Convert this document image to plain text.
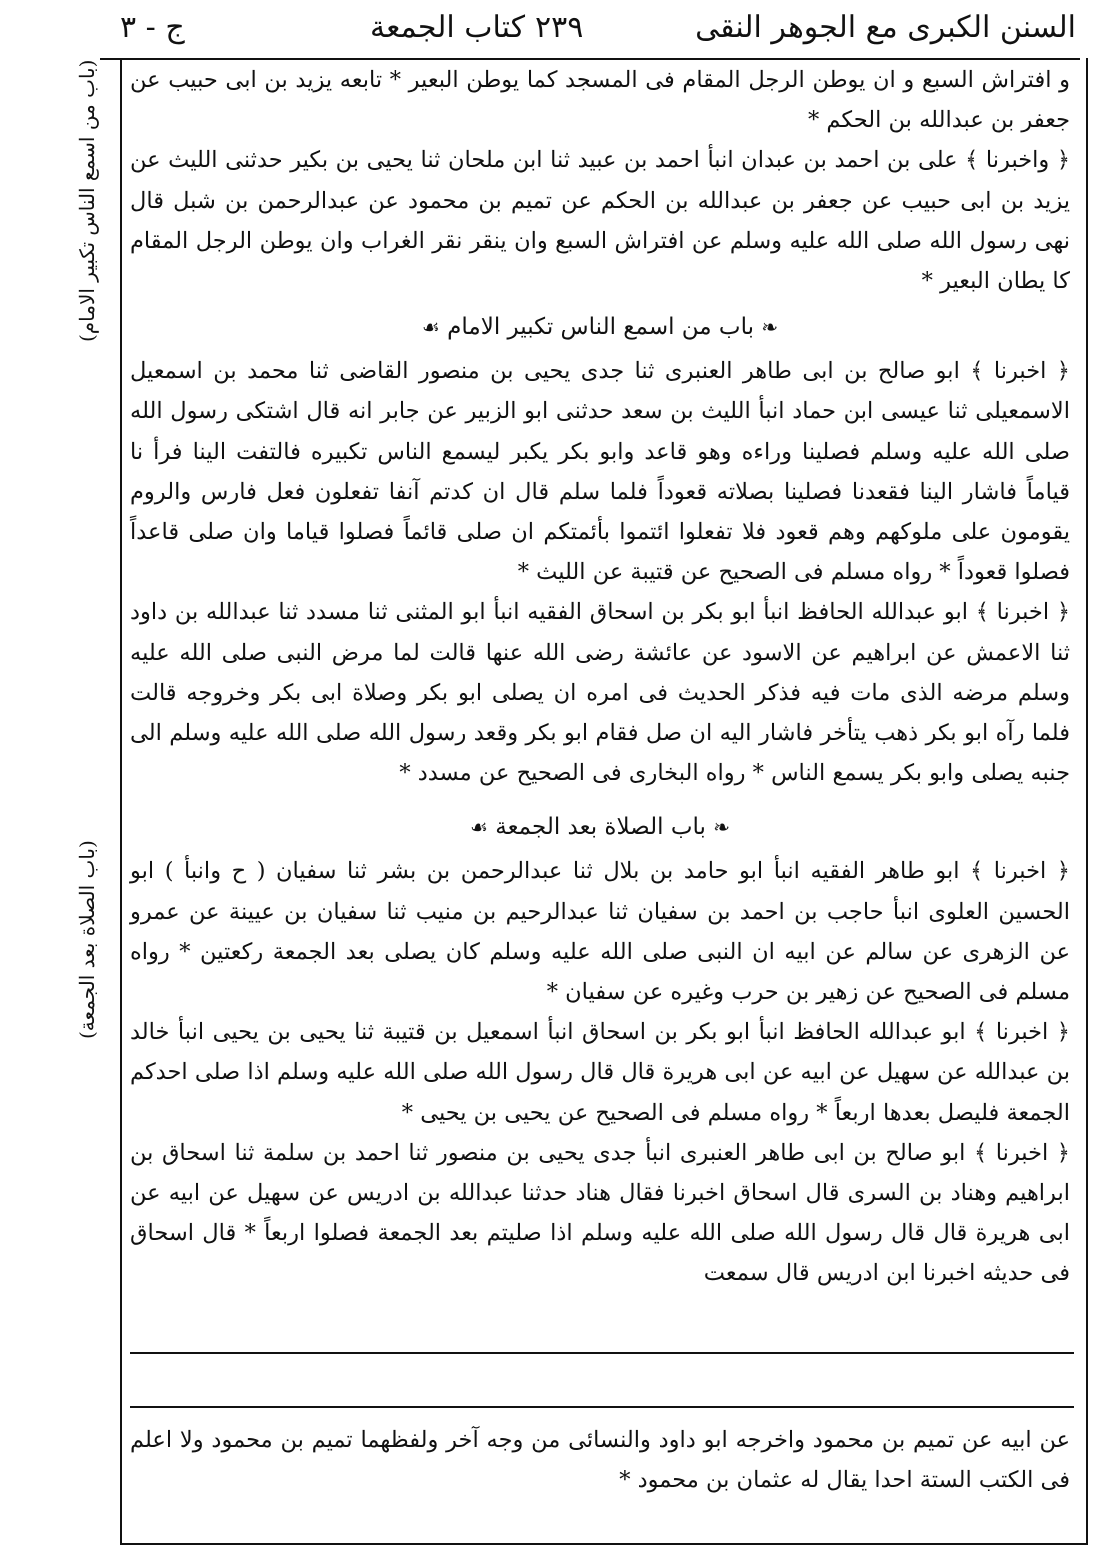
السنن الكبرى مع الجوهر النقى
٢٣٩
كتاب الجمعة
ج - ٣
(باب من اسمع الناس تكبير الامام)
(باب الصلاة بعد الجمعة)

و افتراش السبع و ان يوطن الرجل المقام فى المسجد كما يوطن البعير * تابعه يزيد بن ابى حبيب عن جعفر بن عبدالله بن الحكم *

﴿ واخبرنا ﴾ على بن احمد بن عبدان انبأ احمد بن عبيد ثنا ابن ملحان ثنا يحيى بن بكير حدثنى الليث عن يزيد بن ابى حبيب عن جعفر بن عبدالله بن الحكم عن تميم بن محمود عن عبدالرحمن بن شبل قال نهى رسول الله صلى الله عليه وسلم عن افتراش السبع وان ينقر نقر الغراب وان يوطن الرجل المقام كا يطان البعير *

❧ باب من اسمع الناس تكبير الامام ☙

﴿ اخبرنا ﴾ ابو صالح بن ابى طاهر العنبرى ثنا جدى يحيى بن منصور القاضى ثنا محمد بن اسمعيل الاسمعيلى ثنا عيسى ابن حماد انبأ الليث بن سعد حدثنى ابو الزبير عن جابر انه قال اشتكى رسول الله صلى الله عليه وسلم فصلينا وراءه وهو قاعد وابو بكر يكبر ليسمع الناس تكبيره فالتفت الينا فرأ نا قياماً فاشار الينا فقعدنا فصلينا بصلاته قعوداً فلما سلم قال ان كدتم آنفا تفعلون فعل فارس والروم يقومون على ملوكهم وهم قعود فلا تفعلوا ائتموا بأئمتكم ان صلى قائماً فصلوا قياما وان صلى قاعداً فصلوا قعوداً * رواه مسلم فى الصحيح عن قتيبة عن الليث *

﴿ اخبرنا ﴾ ابو عبدالله الحافظ انبأ ابو بكر بن اسحاق الفقيه انبأ ابو المثنى ثنا مسدد ثنا عبدالله بن داود ثنا الاعمش عن ابراهيم عن الاسود عن عائشة رضى الله عنها قالت لما مرض النبى صلى الله عليه وسلم مرضه الذى مات فيه فذكر الحديث فى امره ان يصلى ابو بكر وصلاة ابى بكر وخروجه قالت فلما رآه ابو بكر ذهب يتأخر فاشار اليه ان صل فقام ابو بكر وقعد رسول الله صلى الله عليه وسلم الى جنبه يصلى وابو بكر يسمع الناس * رواه البخارى فى الصحيح عن مسدد *

❧ باب الصلاة بعد الجمعة ☙

﴿ اخبرنا ﴾ ابو طاهر الفقيه انبأ ابو حامد بن بلال ثنا عبدالرحمن بن بشر ثنا سفيان ( ح وانبأ ) ابو الحسين العلوى انبأ حاجب بن احمد بن سفيان ثنا عبدالرحيم بن منيب ثنا سفيان بن عيينة عن عمرو عن الزهرى عن سالم عن ابيه ان النبى صلى الله عليه وسلم كان يصلى بعد الجمعة ركعتين * رواه مسلم فى الصحيح عن زهير بن حرب وغيره عن سفيان *

﴿ اخبرنا ﴾ ابو عبدالله الحافظ انبأ ابو بكر بن اسحاق انبأ اسمعيل بن قتيبة ثنا يحيى بن يحيى انبأ خالد بن عبدالله عن سهيل عن ابيه عن ابى هريرة قال قال رسول الله صلى الله عليه وسلم اذا صلى احدكم الجمعة فليصل بعدها اربعاً * رواه مسلم فى الصحيح عن يحيى بن يحيى *

﴿ اخبرنا ﴾ ابو صالح بن ابى طاهر العنبرى انبأ جدى يحيى بن منصور ثنا احمد بن سلمة ثنا اسحاق بن ابراهيم وهناد بن السرى قال اسحاق اخبرنا فقال هناد حدثنا عبدالله بن ادريس عن سهيل عن ابيه عن ابى هريرة قال قال رسول الله صلى الله عليه وسلم اذا صليتم بعد الجمعة فصلوا اربعاً * قال اسحاق فى حديثه اخبرنا ابن ادريس قال سمعت

عن ابيه عن تميم بن محمود واخرجه ابو داود والنسائى من وجه آخر ولفظهما تميم بن محمود ولا اعلم فى الكتب الستة احدا يقال له عثمان بن محمود *
